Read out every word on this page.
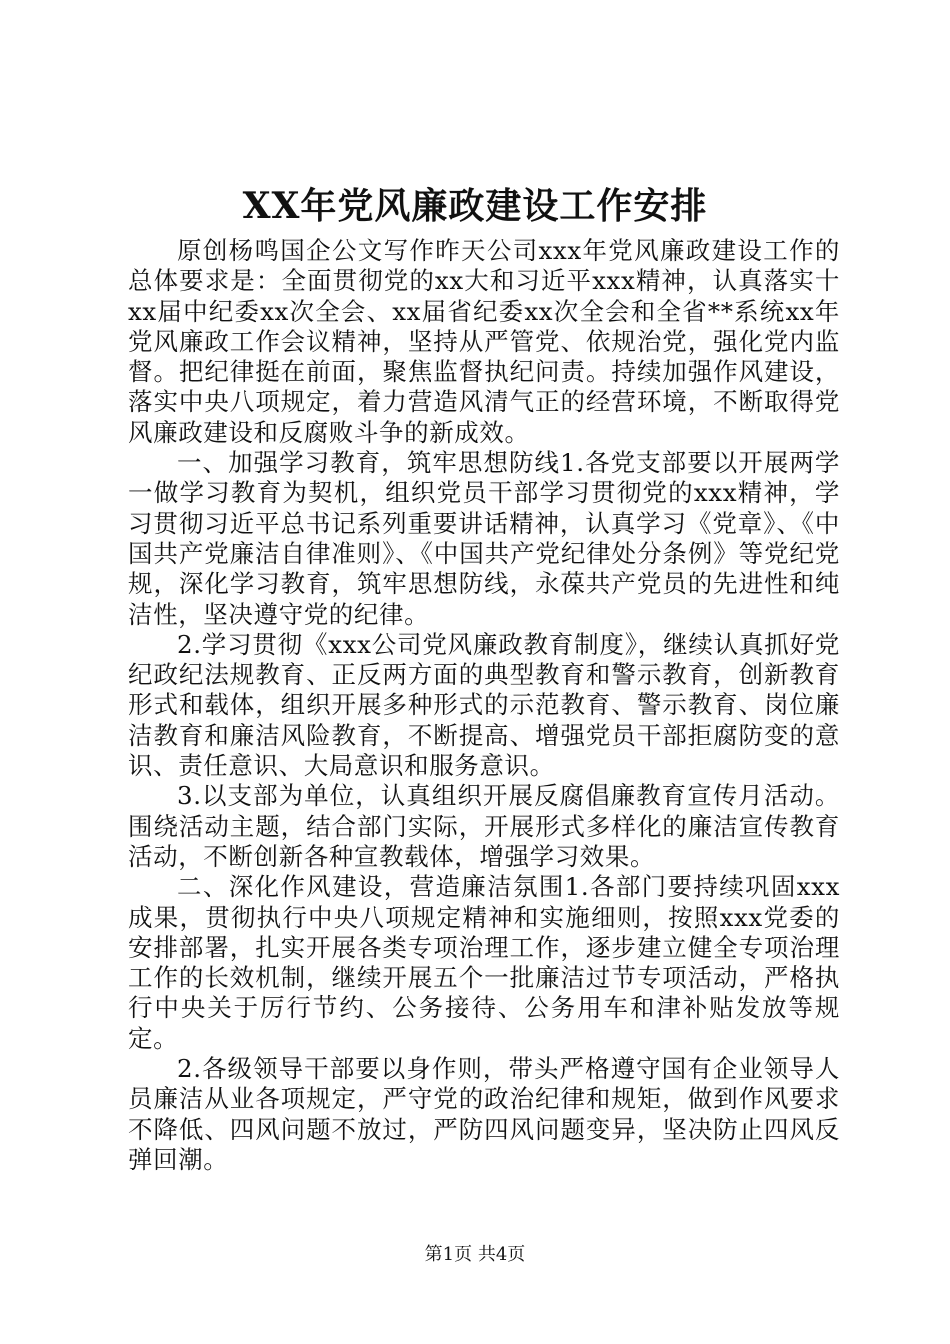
XX年党风廉政建设工作安排

原创杨鸣国企公文写作昨天公司xxx年党风廉政建设工作的总体要求是：全面贯彻党的xx大和习近平xxx精神，认真落实十xx届中纪委xx次全会、xx届省纪委xx次全会和全省**系统xx年党风廉政工作会议精神，坚持从严管党、依规治党，强化党内监督。把纪律挺在前面，聚焦监督执纪问责。持续加强作风建设，落实中央八项规定，着力营造风清气正的经营环境，不断取得党风廉政建设和反腐败斗争的新成效。

一、加强学习教育，筑牢思想防线1.各党支部要以开展两学一做学习教育为契机，组织党员干部学习贯彻党的xxx精神，学习贯彻习近平总书记系列重要讲话精神，认真学习《党章》、《中国共产党廉洁自律准则》、《中国共产党纪律处分条例》等党纪党规，深化学习教育，筑牢思想防线，永葆共产党员的先进性和纯洁性，坚决遵守党的纪律。

2.学习贯彻《xxx公司党风廉政教育制度》，继续认真抓好党纪政纪法规教育、正反两方面的典型教育和警示教育，创新教育形式和载体，组织开展多种形式的示范教育、警示教育、岗位廉洁教育和廉洁风险教育，不断提高、增强党员干部拒腐防变的意识、责任意识、大局意识和服务意识。

3.以支部为单位，认真组织开展反腐倡廉教育宣传月活动。围绕活动主题，结合部门实际，开展形式多样化的廉洁宣传教育活动，不断创新各种宣教载体，增强学习效果。

二、深化作风建设，营造廉洁氛围1.各部门要持续巩固xxx成果，贯彻执行中央八项规定精神和实施细则，按照xxx党委的安排部署，扎实开展各类专项治理工作，逐步建立健全专项治理工作的长效机制，继续开展五个一批廉洁过节专项活动，严格执行中央关于厉行节约、公务接待、公务用车和津补贴发放等规定。

2.各级领导干部要以身作则，带头严格遵守国有企业领导人员廉洁从业各项规定，严守党的政治纪律和规矩，做到作风要求不降低、四风问题不放过，严防四风问题变异，坚决防止四风反弹回潮。

第1页 共4页
